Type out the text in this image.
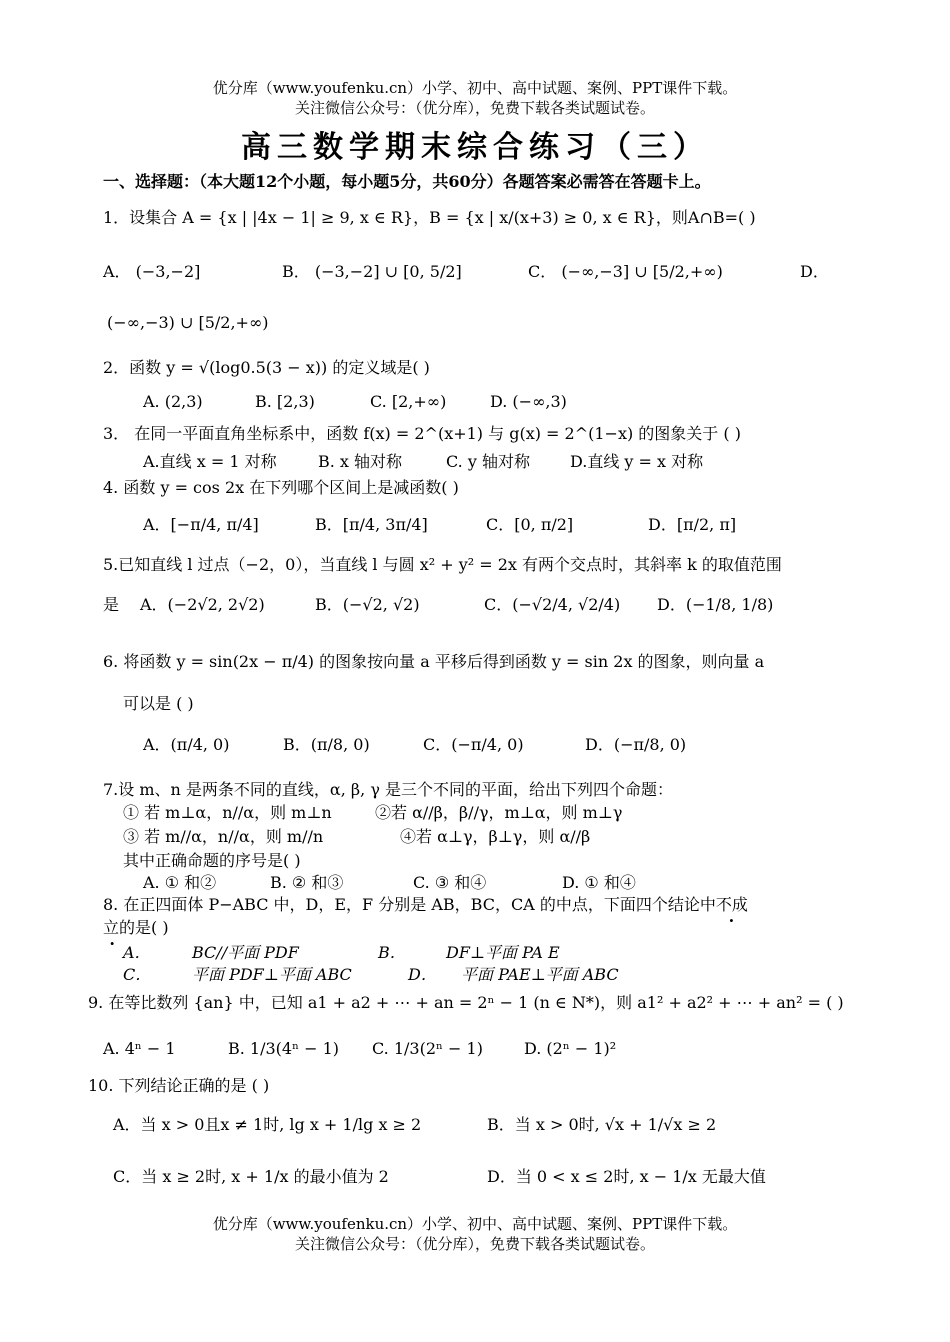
优分库（www.youfenku.cn）小学、初中、高中试题、案例、PPT课件下载。
关注微信公众号：（优分库），免费下载各类试题试卷。
高三数学期末综合练习（三）
一、选择题：（本大题12个小题，每小题5分，共60分）各题答案必需答在答题卡上。
1．设集合 A = {x | |4x − 1| ≥ 9, x ∈ R}，B = {x | x/(x+3) ≥ 0, x ∈ R}，则A∩B=( )
A． (−3,−2]	B． (−3,−2] ∪ [0, 5/2]	C． (−∞,−3] ∪ [5/2,+∞)	D．
(−∞,−3) ∪ [5/2,+∞)
2．函数 y = √(log0.5(3 − x)) 的定义域是( )
A. (2,3)	B. [2,3)	C. [2,+∞)	D. (−∞,3)
3． 在同一平面直角坐标系中，函数 f(x) = 2^(x+1) 与 g(x) = 2^(1−x) 的图象关于 ( )
A.直线 x = 1 对称	B. x 轴对称	C. y 轴对称	D.直线 y = x 对称
4. 函数 y = cos 2x 在下列哪个区间上是减函数( )
A．[−π/4, π/4]	B．[π/4, 3π/4]	C．[0, π/2]	D．[π/2, π]
5.已知直线 l 过点（−2，0），当直线 l 与圆 x² + y² = 2x 有两个交点时，其斜率 k 的取值范围
是 A．(−2√2, 2√2)	B．(−√2, √2)	C．(−√2/4, √2/4) D．(−1/8, 1/8)
6. 将函数 y = sin(2x − π/4) 的图象按向量 a 平移后得到函数 y = sin 2x 的图象，则向量 a
可以是 ( )
A．(π/4, 0)	B．(π/8, 0)	C．(−π/4, 0)	D．(−π/8, 0)
7.设 m、n 是两条不同的直线，α, β, γ 是三个不同的平面，给出下列四个命题：
① 若 m⊥α，n//α，则 m⊥n	②若 α//β，β//γ，m⊥α，则 m⊥γ
③ 若 m//α，n//α，则 m//n	④若 α⊥γ，β⊥γ，则 α//β
其中正确命题的序号是( )
A. ① 和②	B. ② 和③	C. ③ 和④	D. ① 和④
8. 在正四面体 P−ABC 中，D，E，F 分别是 AB，BC，CA 的中点，下面四个结论中不成
立的是( )
A．	BC//平面 PDF	B．	DF⊥平面 PA E
C．	平面 PDF⊥平面 ABC	D． 平面 PAE⊥平面 ABC
9. 在等比数列 {an} 中，已知 a1 + a2 + ⋯ + an = 2ⁿ − 1 (n ∈ N*)，则 a1² + a2² + ⋯ + an² = ( )
A. 4ⁿ − 1	B. 1/3(4ⁿ − 1) C. 1/3(2ⁿ − 1)	D. (2ⁿ − 1)²
10. 下列结论正确的是 ( )
A．当 x > 0且x ≠ 1时, lg x + 1/lg x ≥ 2	B．当 x > 0时, √x + 1/√x ≥ 2
C．当 x ≥ 2时, x + 1/x 的最小值为 2	D．当 0 < x ≤ 2时, x − 1/x 无最大值
优分库（www.youfenku.cn）小学、初中、高中试题、案例、PPT课件下载。
关注微信公众号：（优分库），免费下载各类试题试卷。
